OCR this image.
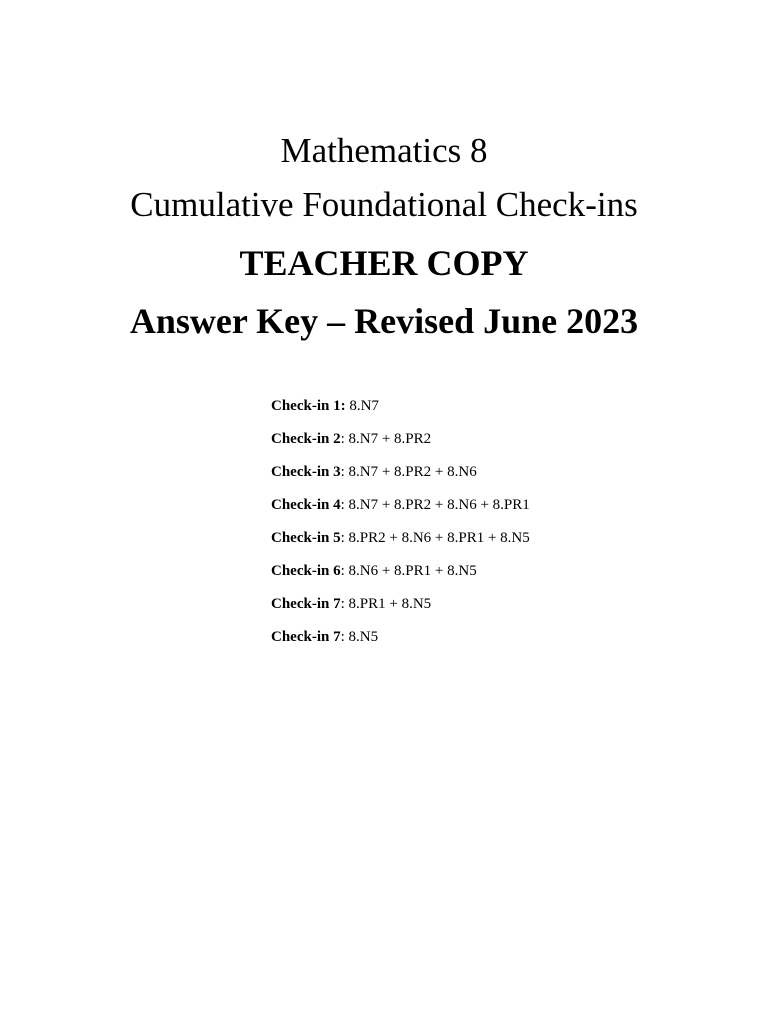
Mathematics 8

Cumulative Foundational Check-ins

TEACHER COPY

Answer Key – Revised June 2023

Check-in 1: 8.N7
Check-in 2: 8.N7 + 8.PR2
Check-in 3: 8.N7 + 8.PR2 + 8.N6
Check-in 4: 8.N7 + 8.PR2 + 8.N6 + 8.PR1
Check-in 5: 8.PR2 + 8.N6 + 8.PR1 + 8.N5
Check-in 6: 8.N6 + 8.PR1 + 8.N5
Check-in 7: 8.PR1 + 8.N5
Check-in 7: 8.N5
